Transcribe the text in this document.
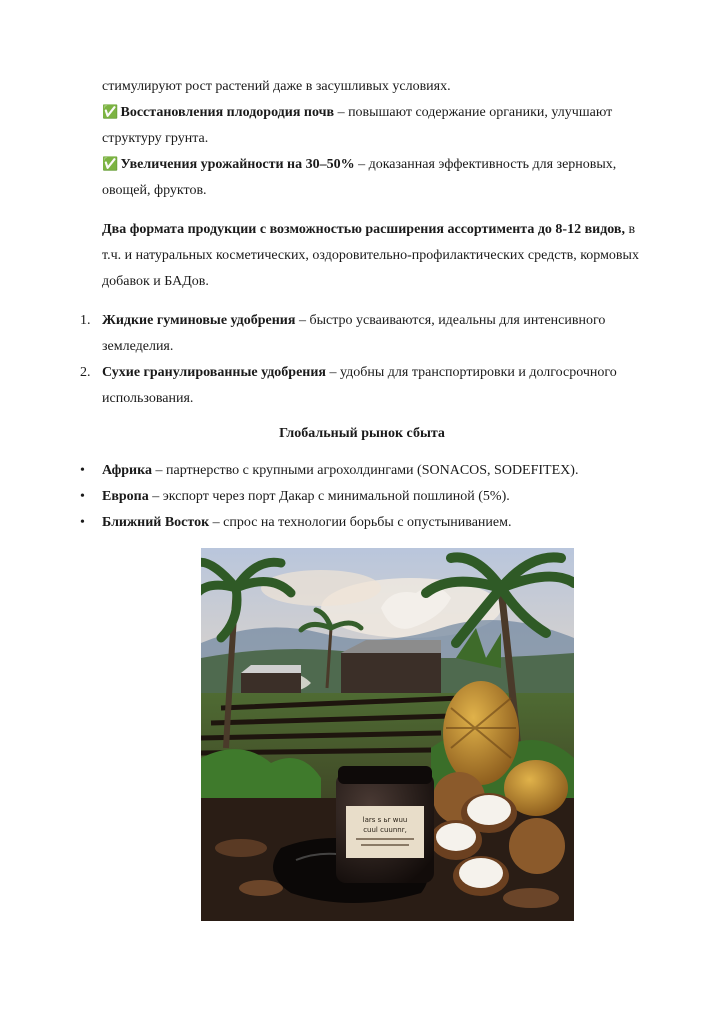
стимулируют рост растений даже в засушливых условиях.
✅ Восстановления плодородия почв – повышают содержание органики, улучшают
структуру грунта.
✅ Увеличения урожайности на 30–50% – доказанная эффективность для зерновых,
овощей, фруктов.
Два формата продукции с возможностью расширения ассортимента до 8-12 видов, в
т.ч. и натуральных косметических, оздоровительно-профилактических средств, кормовых
добавок и БАДов.
1. Жидкие гуминовые удобрения – быстро усваиваются, идеальны для интенсивного
земледелия.
2. Сухие гранулированные удобрения – удобны для транспортировки и долгосрочного
использования.
Глобальный рынок сбыта
•	Африка – партнерство с крупными агрохолдингами (SONACOS, SODEFITEX).
•	Европа – экспорт через порт Дакар с минимальной пошлиной (5%).
•	Ближний Восток – спрос на технологии борьбы с опустыниванием.
lars s ьr wuu
cuul cuunnr,
